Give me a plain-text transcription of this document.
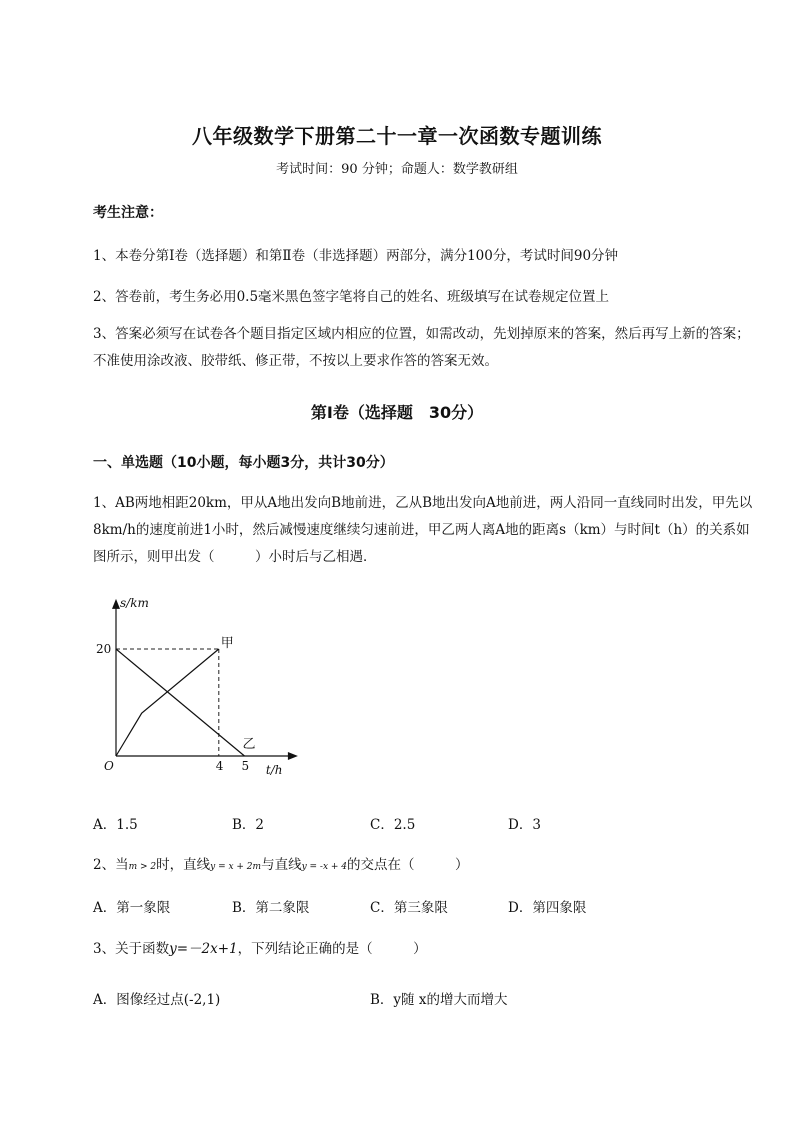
八年级数学下册第二十一章一次函数专题训练
考试时间：90 分钟；命题人：数学教研组
考生注意：
1、本卷分第Ⅰ卷（选择题）和第Ⅱ卷（非选择题）两部分，满分100分，考试时间90分钟
2、答卷前，考生务必用0.5毫米黑色签字笔将自己的姓名、班级填写在试卷规定位置上
3、答案必须写在试卷各个题目指定区域内相应的位置，如需改动，先划掉原来的答案，然后再写上新的答案；不准使用涂改液、胶带纸、修正带，不按以上要求作答的答案无效。
第Ⅰ卷（选择题　30分）
一、单选题（10小题，每小题3分，共计30分）
1、AB两地相距20km，甲从A地出发向B地前进，乙从B地出发向A地前进，两人沿同一直线同时出发，甲先以8km/h的速度前进1小时，然后减慢速度继续匀速前进，甲乙两人离A地的距离s（km）与时间t（h）的关系如图所示，则甲出发（　　　）小时后与乙相遇．
s/km
t/h
O	4 5
20	甲
乙
A．1.5	B．2	C．2.5	D．3
2、当m > 2时，直线y = x + 2m与直线y = -x + 4的交点在（　　　）
A．第一象限	B．第二象限	C．第三象限	D．第四象限
3、关于函数y=－2x+1，下列结论正确的是（　　　）
A．图像经过点(-2,1)	B．y随 x的增大而增大
